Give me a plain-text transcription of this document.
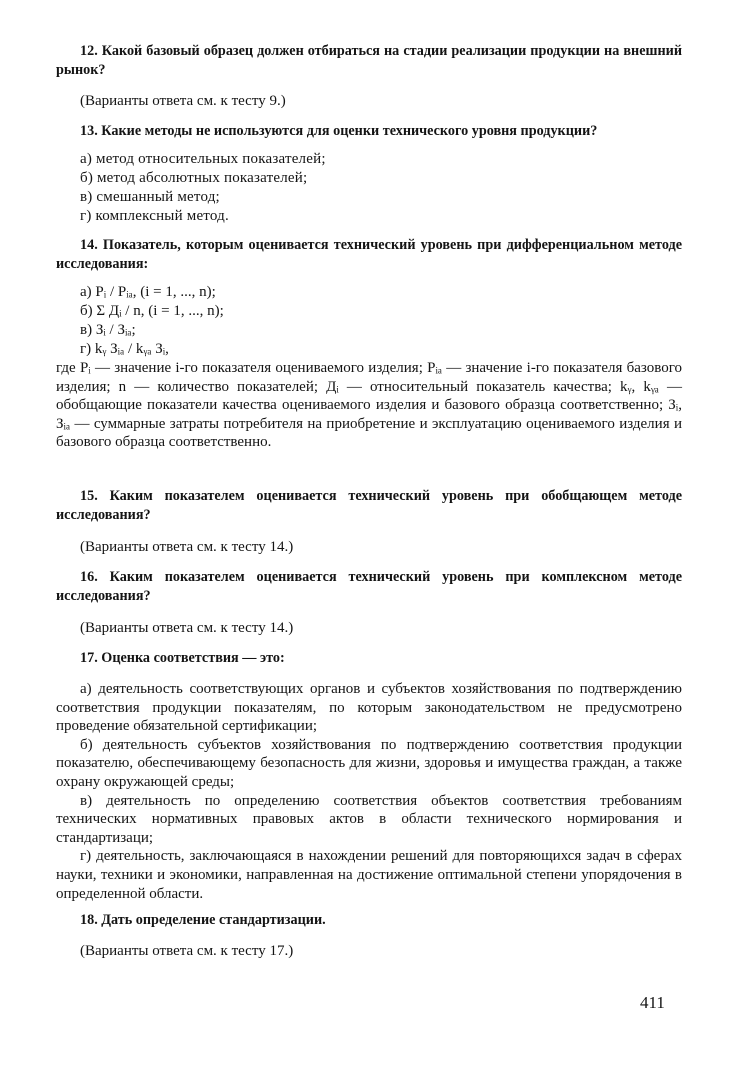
12. Какой базовый образец должен отбираться на стадии реализации продукции на внешний рынок?

(Варианты ответа см. к тесту 9.)

13. Какие методы не используются для оценки технического уровня продукции?

а) метод относительных показателей;

б) метод абсолютных показателей;

в) смешанный метод;

г) комплексный метод.

14. Показатель, которым оценивается технический уровень при дифференциальном методе исследования:

а) Pᵢ / Pᵢₐ, (i = 1, ..., n);

б) Σ Дᵢ / n, (i = 1, ..., n);

в) Зᵢ / Зᵢₐ;

г) kᵧ Зᵢₐ / kᵧₐ Зᵢ,

где Pᵢ — значение i-го показателя оцениваемого изделия; Pᵢₐ — значение i-го показателя базового изделия; n — количество показателей; Дᵢ — относительный показатель качества; kᵧ, kᵧₐ — обобщающие показатели качества оцениваемого изделия и базового образца соответственно; Зᵢ, Зᵢₐ — суммарные затраты потребителя на приобретение и эксплуатацию оцениваемого изделия и базового образца соответственно.

15. Каким показателем оценивается технический уровень при обобщающем методе исследования?

(Варианты ответа см. к тесту 14.)

16. Каким показателем оценивается технический уровень при комплексном методе исследования?

(Варианты ответа см. к тесту 14.)

17. Оценка соответствия — это:

а) деятельность соответствующих органов и субъектов хозяйствования по подтверждению соответствия продукции показателям, по которым законодательством не предусмотрено проведение обязательной сертификации;

б) деятельность субъектов хозяйствования по подтверждению соответствия продукции показателю, обеспечивающему безопасность для жизни, здоровья и имущества граждан, а также охрану окружающей среды;

в) деятельность по определению соответствия объектов соответствия требованиям технических нормативных правовых актов в области технического нормирования и стандартизаци;

г) деятельность, заключающаяся в нахождении решений для повторяющихся задач в сферах науки, техники и экономики, направленная на достижение оптимальной степени упорядочения в определенной области.

18. Дать определение стандартизации.

(Варианты ответа см. к тесту 17.)

411
